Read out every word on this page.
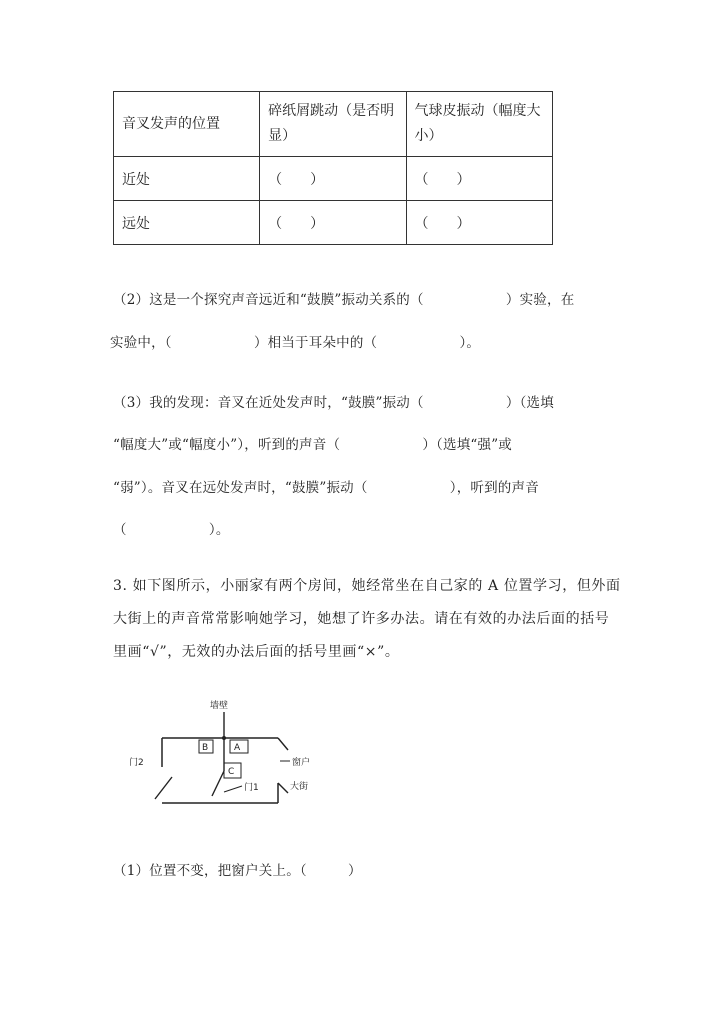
音叉发声的位置	碎纸屑跳动（是否明显）	气球皮振动（幅度大小）
近处	（　　）	（　　）
远处	（　　）	（　　）
（2）这是一个探究声音远近和“鼓膜”振动关系的（　　　　　　）实验，在
实验中，（　　　　　　）相当于耳朵中的（　　　　　　）。
（3）我的发现：音叉在近处发声时，“鼓膜”振动（　　　　　　）（选填
“幅度大”或“幅度小”），听到的声音（　　　　　　）（选填“强”或
“弱”）。音叉在远处发声时，“鼓膜”振动（　　　　　　），听到的声音
（　　　　　　）。
3. 如下图所示，小丽家有两个房间，她经常坐在自己家的 A 位置学习，但外面
大街上的声音常常影响她学习，她想了许多办法。请在有效的办法后面的括号
里画“√”，无效的办法后面的括号里画“×”。
墙壁
门2
门1
窗户
大街
B	A
C
（1）位置不变，把窗户关上。（　　　）
